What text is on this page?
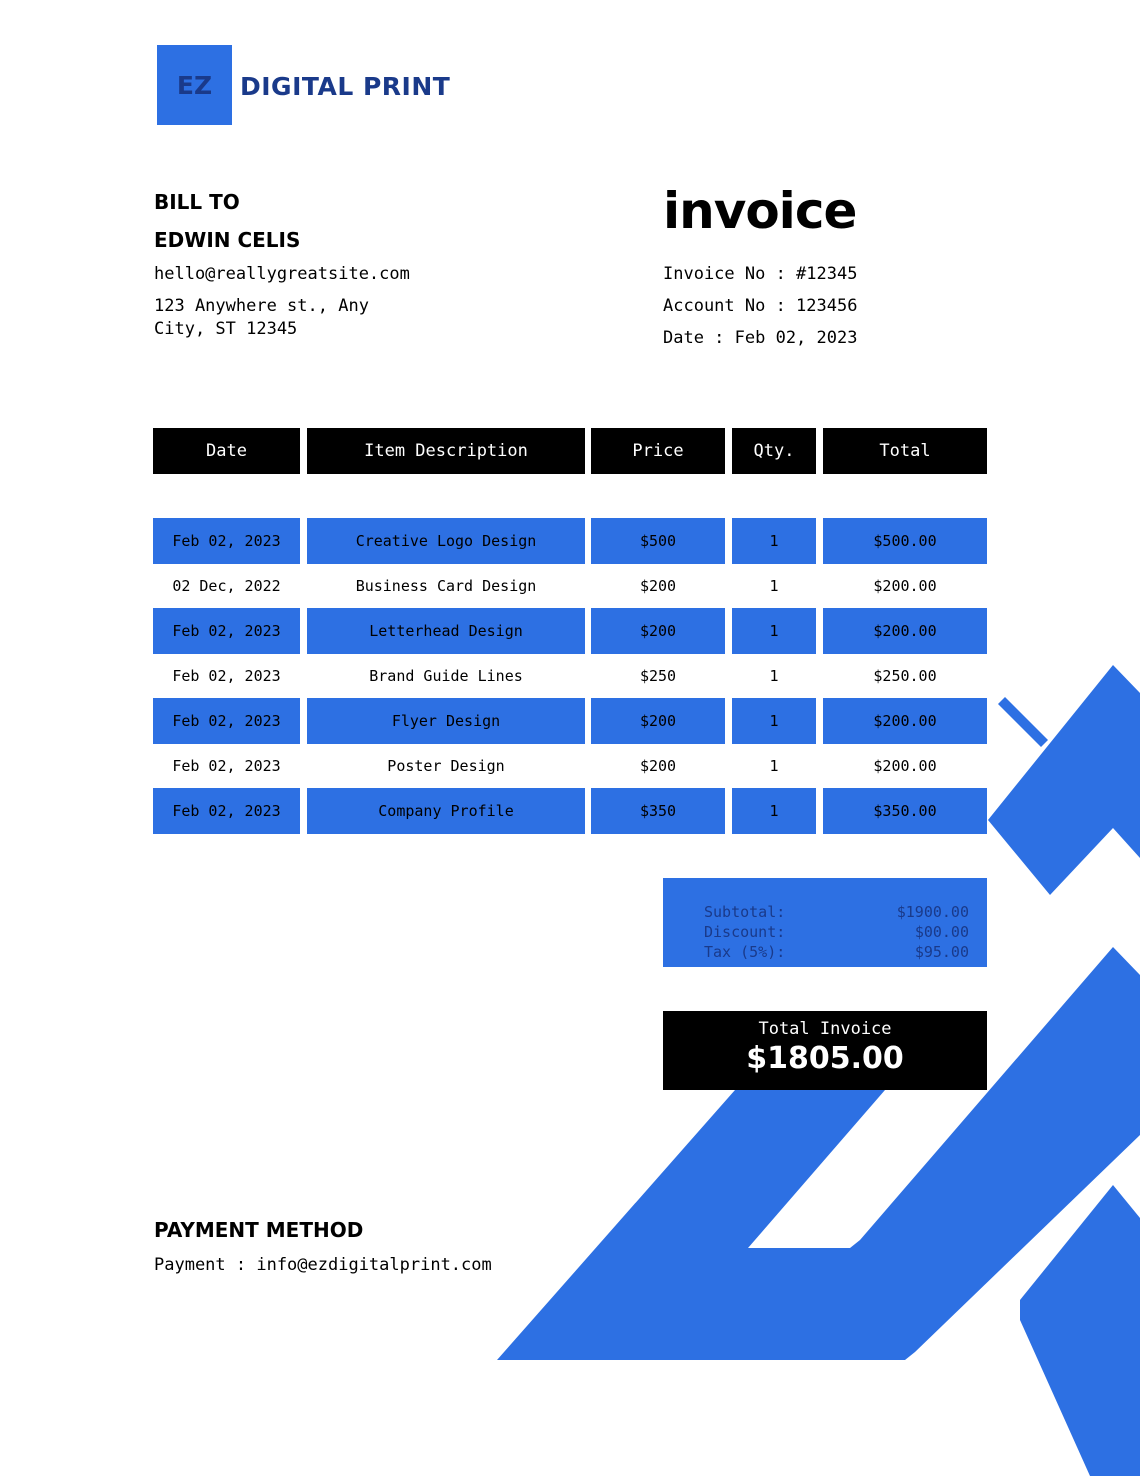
EZ DIGITAL PRINT
BILL TO
EDWIN CELIS
hello@reallygreatsite.com
123 Anywhere st., Any
City, ST 12345
invoice
Invoice No : #12345
Account No : 123456
Date : Feb 02, 2023
Date	Item Description	Price	Qty.	Total
Feb 02, 2023	Creative Logo Design	$500	1	$500.00
02 Dec, 2022	Business Card Design	$200	1	$200.00
Feb 02, 2023	Letterhead Design	$200	1	$200.00
Feb 02, 2023	Brand Guide Lines	$250	1	$250.00
Feb 02, 2023	Flyer Design	$200	1	$200.00
Feb 02, 2023	Poster Design	$200	1	$200.00
Feb 02, 2023	Company Profile	$350	1	$350.00
Subtotal:	$1900.00
Discount:	$00.00
Tax (5%):	$95.00
Total Invoice
$1805.00
PAYMENT METHOD
Payment : info@ezdigitalprint.com
